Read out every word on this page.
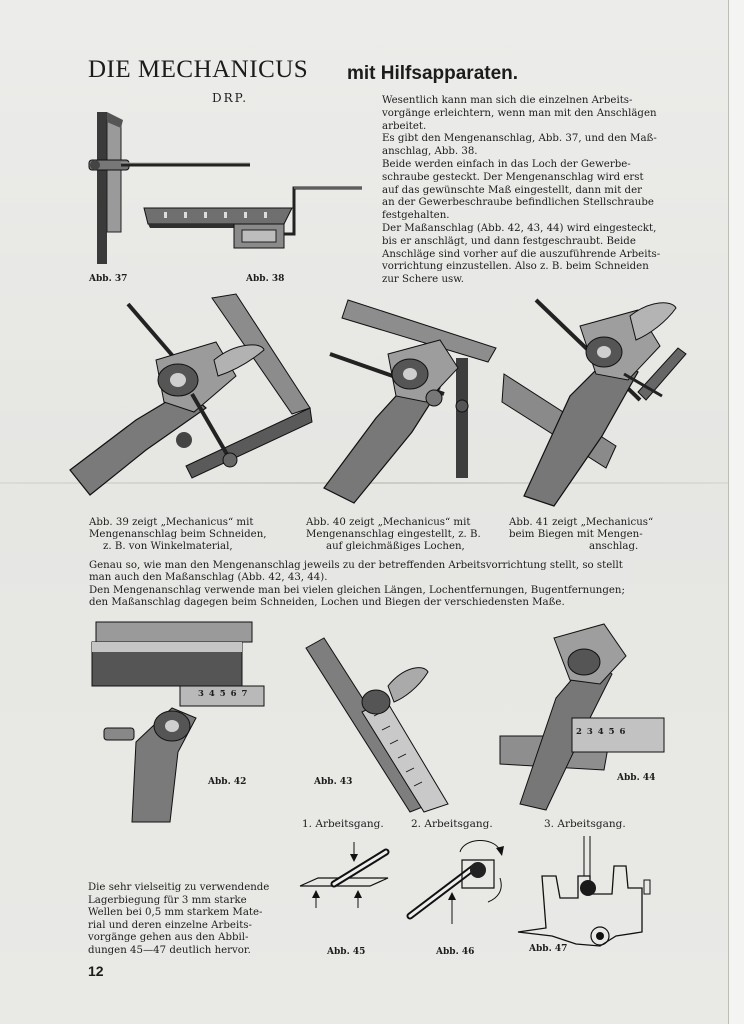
DIE MECHANICUS mit Hilfsapparaten.
DRP.	Wesentlich kann man sich die einzelnen Arbeits-

vorgänge erleichtern, wenn man mit den Anschlägen

arbeitet.

Es gibt den Mengenanschlag, Abb. 37, und den Maß-

anschlag, Abb. 38.

Beide werden einfach in das Loch der Gewerbe-

schraube gesteckt. Der Mengenanschlag wird erst

auf das gewünschte Maß eingestellt, dann mit der

an der Gewerbeschraube befindlichen Stellschraube

festgehalten.

Der Maßanschlag (Abb. 42, 43, 44) wird eingesteckt,

bis er anschlägt, und dann festgeschraubt. Beide

Anschläge sind vorher auf die auszuführende Arbeits-

vorrichtung einzustellen. Also z. B. beim Schneiden

zur Schere usw.

Abb. 37	Abb. 38

Abb. 39 zeigt „Mechanicus“ mit

Mengenanschlag beim Schneiden,

z. B. von Winkelmaterial,

Abb. 40 zeigt „Mechanicus“ mit

Mengenanschlag eingestellt, z. B.

auf gleichmäßiges Lochen,

Abb. 41 zeigt „Mechanicus“

beim Biegen mit Mengen-

anschlag.

Genau so, wie man den Mengenanschlag jeweils zu der betreffenden Arbeitsvorrichtung stellt, so stellt

man auch den Maßanschlag (Abb. 42, 43, 44).

Den Mengenanschlag verwende man bei vielen gleichen Längen, Lochentfernungen, Bugentfernungen;

den Maßanschlag dagegen beim Schneiden, Lochen und Biegen der verschiedensten Maße.

3 4 5 6 7
Abb. 42	Abb. 43
2 3 4 5 6
Abb. 44
1. Arbeitsgang.	2. Arbeitsgang.	3. Arbeitsgang.
Abb. 45	Abb. 46	Abb. 47

Die sehr vielseitig zu verwendende

Lagerbiegung für 3 mm starke

Wellen bei 0,5 mm starkem Mate-

rial und deren einzelne Arbeits-

vorgänge gehen aus den Abbil-

dungen 45—47 deutlich hervor.

12
